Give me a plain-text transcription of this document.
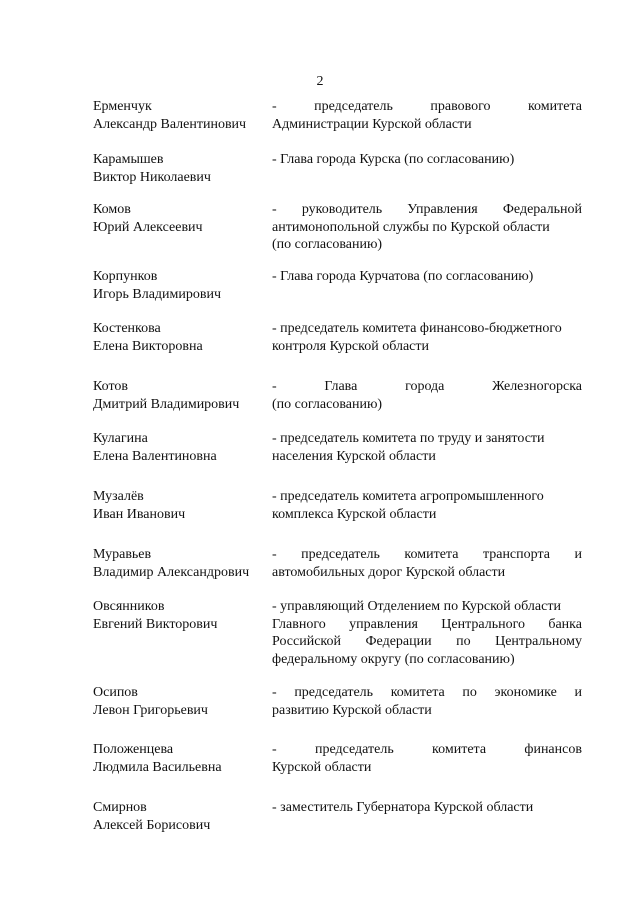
2
Ерменчук
Александр Валентинович
-	председатель	правового	комитета
Администрации Курской области
Карамышев
Виктор Николаевич
- Глава города Курска (по согласованию)
Комов
Юрий Алексеевич
- руководитель Управления Федеральной
антимонопольной службы по Курской области
(по согласованию)
Корпунков
Игорь Владимирович
- Глава города Курчатова (по согласованию)
Костенкова
Елена Викторовна
- председатель комитета финансово-бюджетного
контроля Курской области
Котов
Дмитрий Владимирович
-	Глава	города	Железногорска
(по согласованию)
Кулагина
Елена Валентиновна
- председатель комитета по труду и занятости
населения Курской области
Музалёв
Иван Иванович
- председатель комитета агропромышленного
комплекса Курской области
Муравьев
Владимир Александрович
- председатель комитета транспорта и
автомобильных дорог Курской области
Овсянников
Евгений Викторович
- управляющий Отделением по Курской области
Главного управления Центрального банка
Российской Федерации по Центральному
федеральному округу (по согласованию)
Осипов
Левон Григорьевич
- председатель комитета по экономике и
развитию Курской области
Положенцева
Людмила Васильевна
-	председатель	комитета	финансов
Курской области
Смирнов
Алексей Борисович
- заместитель Губернатора Курской области
